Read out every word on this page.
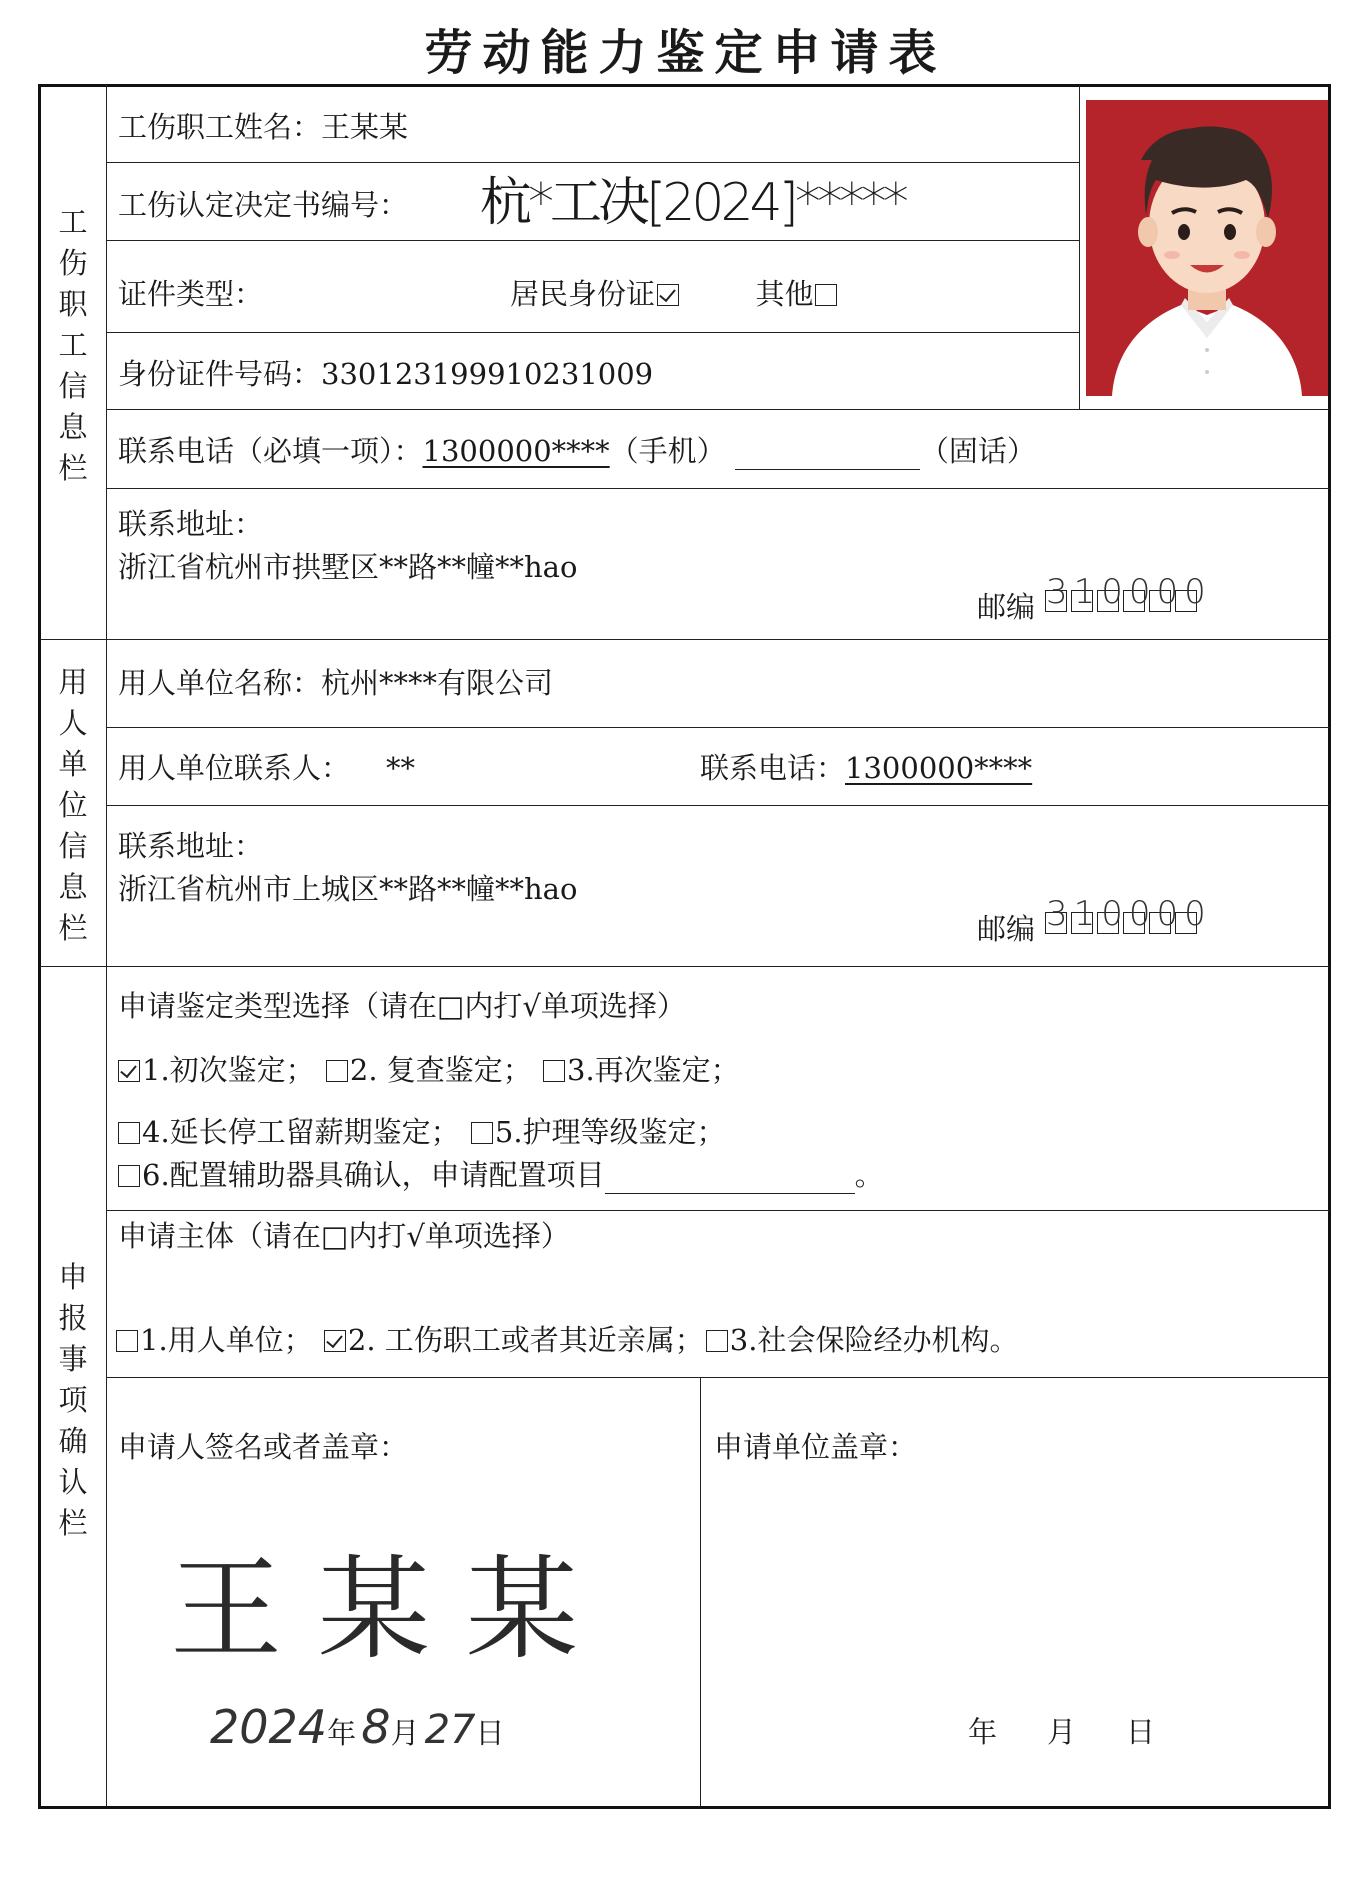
劳动能力鉴定申请表
工
伤
职
工
信
息
栏
用
人
单
位
信
息
栏
申
报
事
项
确
认
栏
工伤职工姓名：王某某
工伤认定决定书编号： 杭*工决[2024]*****
证件类型：	居民身份证	其他
身份证件号码：330123199910231009
联系电话（必填一项）：1300000****（手机）	（固话）
联系地址：
浙江省杭州市拱墅区**路**幢**hao
邮编 310000
用人单位名称：杭州****有限公司
用人单位联系人： **	联系电话：1300000****
联系地址：
浙江省杭州市上城区**路**幢**hao
邮编 310000
申请鉴定类型选择（请在□内打√单项选择）
1.初次鉴定； 2. 复查鉴定； 3.再次鉴定；
4.延长停工留薪期鉴定； 5.护理等级鉴定；
6.配置辅助器具确认，申请配置项目	。
申请主体（请在□内打√单项选择）
1.用人单位； 2. 工伤职工或者其近亲属； 3.社会保险经办机构。
申请人签名或者盖章：	申请单位盖章：
王某某
2024年 8月 27日	年 月 日
